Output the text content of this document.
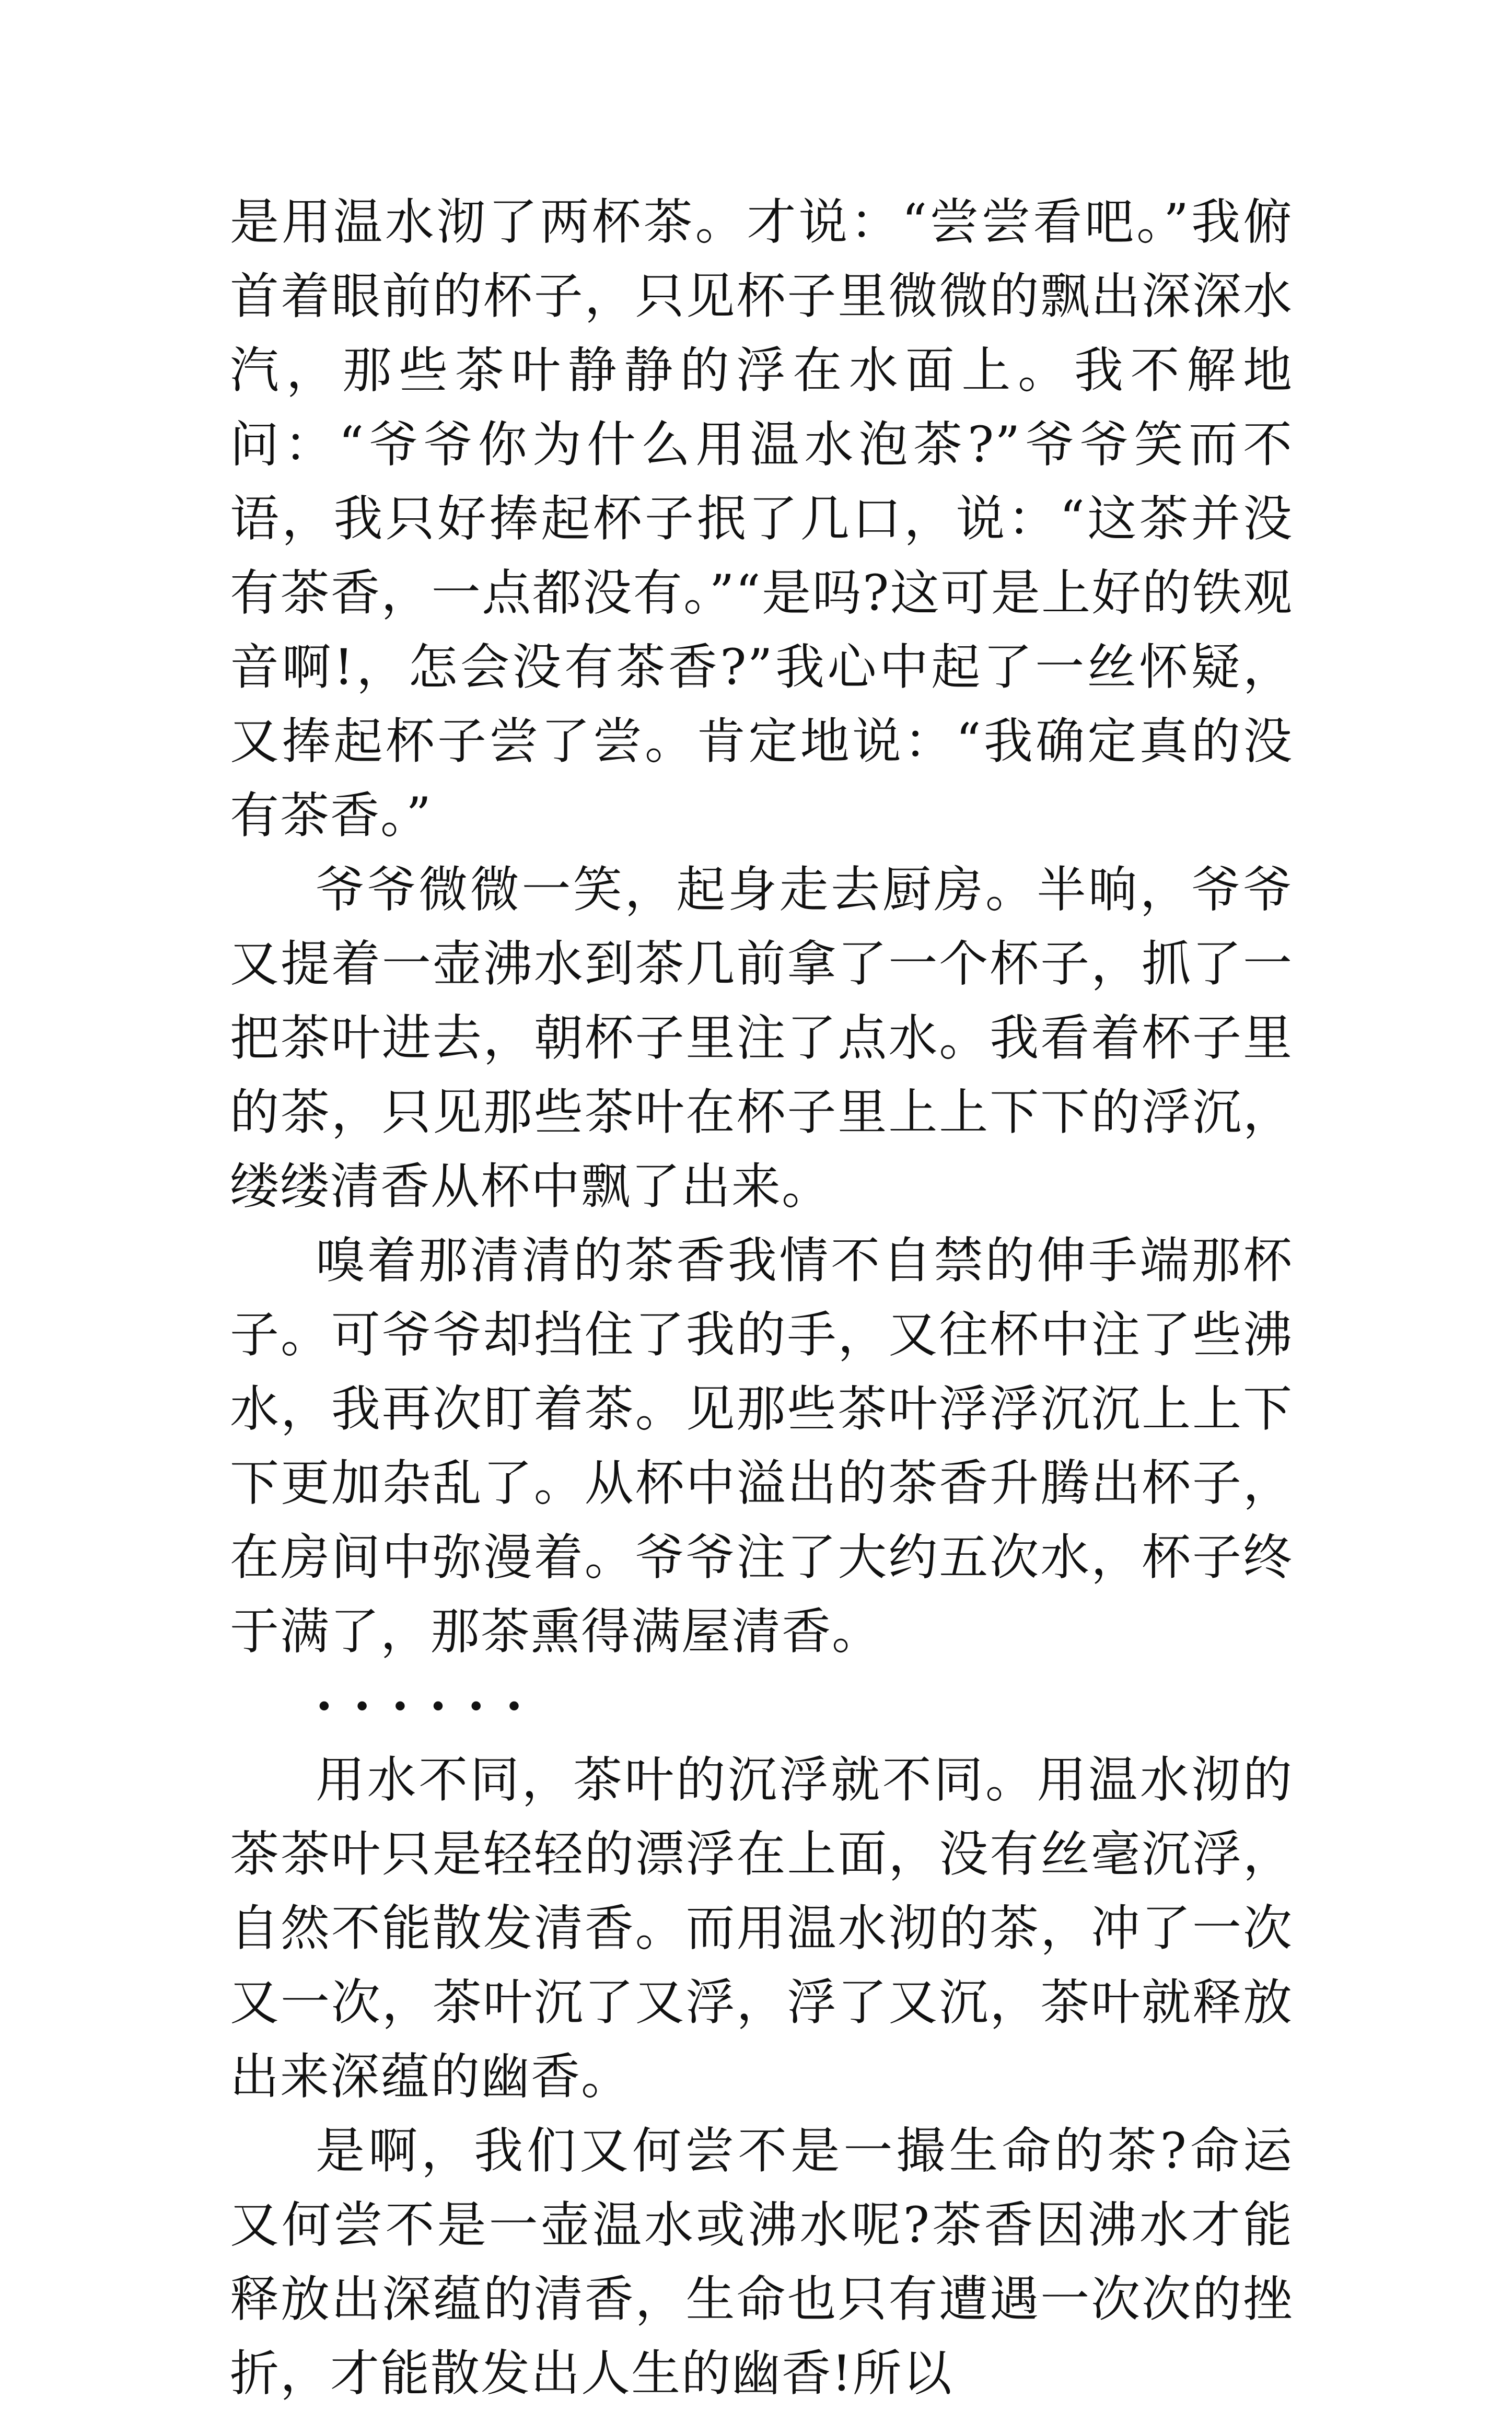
是用温水沏了两杯茶。才说：“尝尝看吧。”我俯首着眼前的杯子，只见杯子里微微的飘出深深水汽，那些茶叶静静的浮在水面上。我不解地问：“爷爷你为什么用温水泡茶?”爷爷笑而不语，我只好捧起杯子抿了几口，说：“这茶并没有茶香，一点都没有。”“是吗?这可是上好的铁观音啊!，怎会没有茶香?”我心中起了一丝怀疑，又捧起杯子尝了尝。肯定地说：“我确定真的没有茶香。”

爷爷微微一笑，起身走去厨房。半晌，爷爷又提着一壶沸水到茶几前拿了一个杯子，抓了一把茶叶进去，朝杯子里注了点水。我看着杯子里的茶，只见那些茶叶在杯子里上上下下的浮沉，缕缕清香从杯中飘了出来。

嗅着那清清的茶香我情不自禁的伸手端那杯子。可爷爷却挡住了我的手，又往杯中注了些沸水，我再次盯着茶。见那些茶叶浮浮沉沉上上下下更加杂乱了。从杯中溢出的茶香升腾出杯子，在房间中弥漫着。爷爷注了大约五次水，杯子终于满了，那茶熏得满屋清香。

······

用水不同，茶叶的沉浮就不同。用温水沏的茶茶叶只是轻轻的漂浮在上面，没有丝毫沉浮，自然不能散发清香。而用温水沏的茶，冲了一次又一次，茶叶沉了又浮，浮了又沉，茶叶就释放出来深蕴的幽香。

是啊，我们又何尝不是一撮生命的茶?命运又何尝不是一壶温水或沸水呢?茶香因沸水才能释放出深蕴的清香，生命也只有遭遇一次次的挫折，才能散发出人生的幽香!所以
